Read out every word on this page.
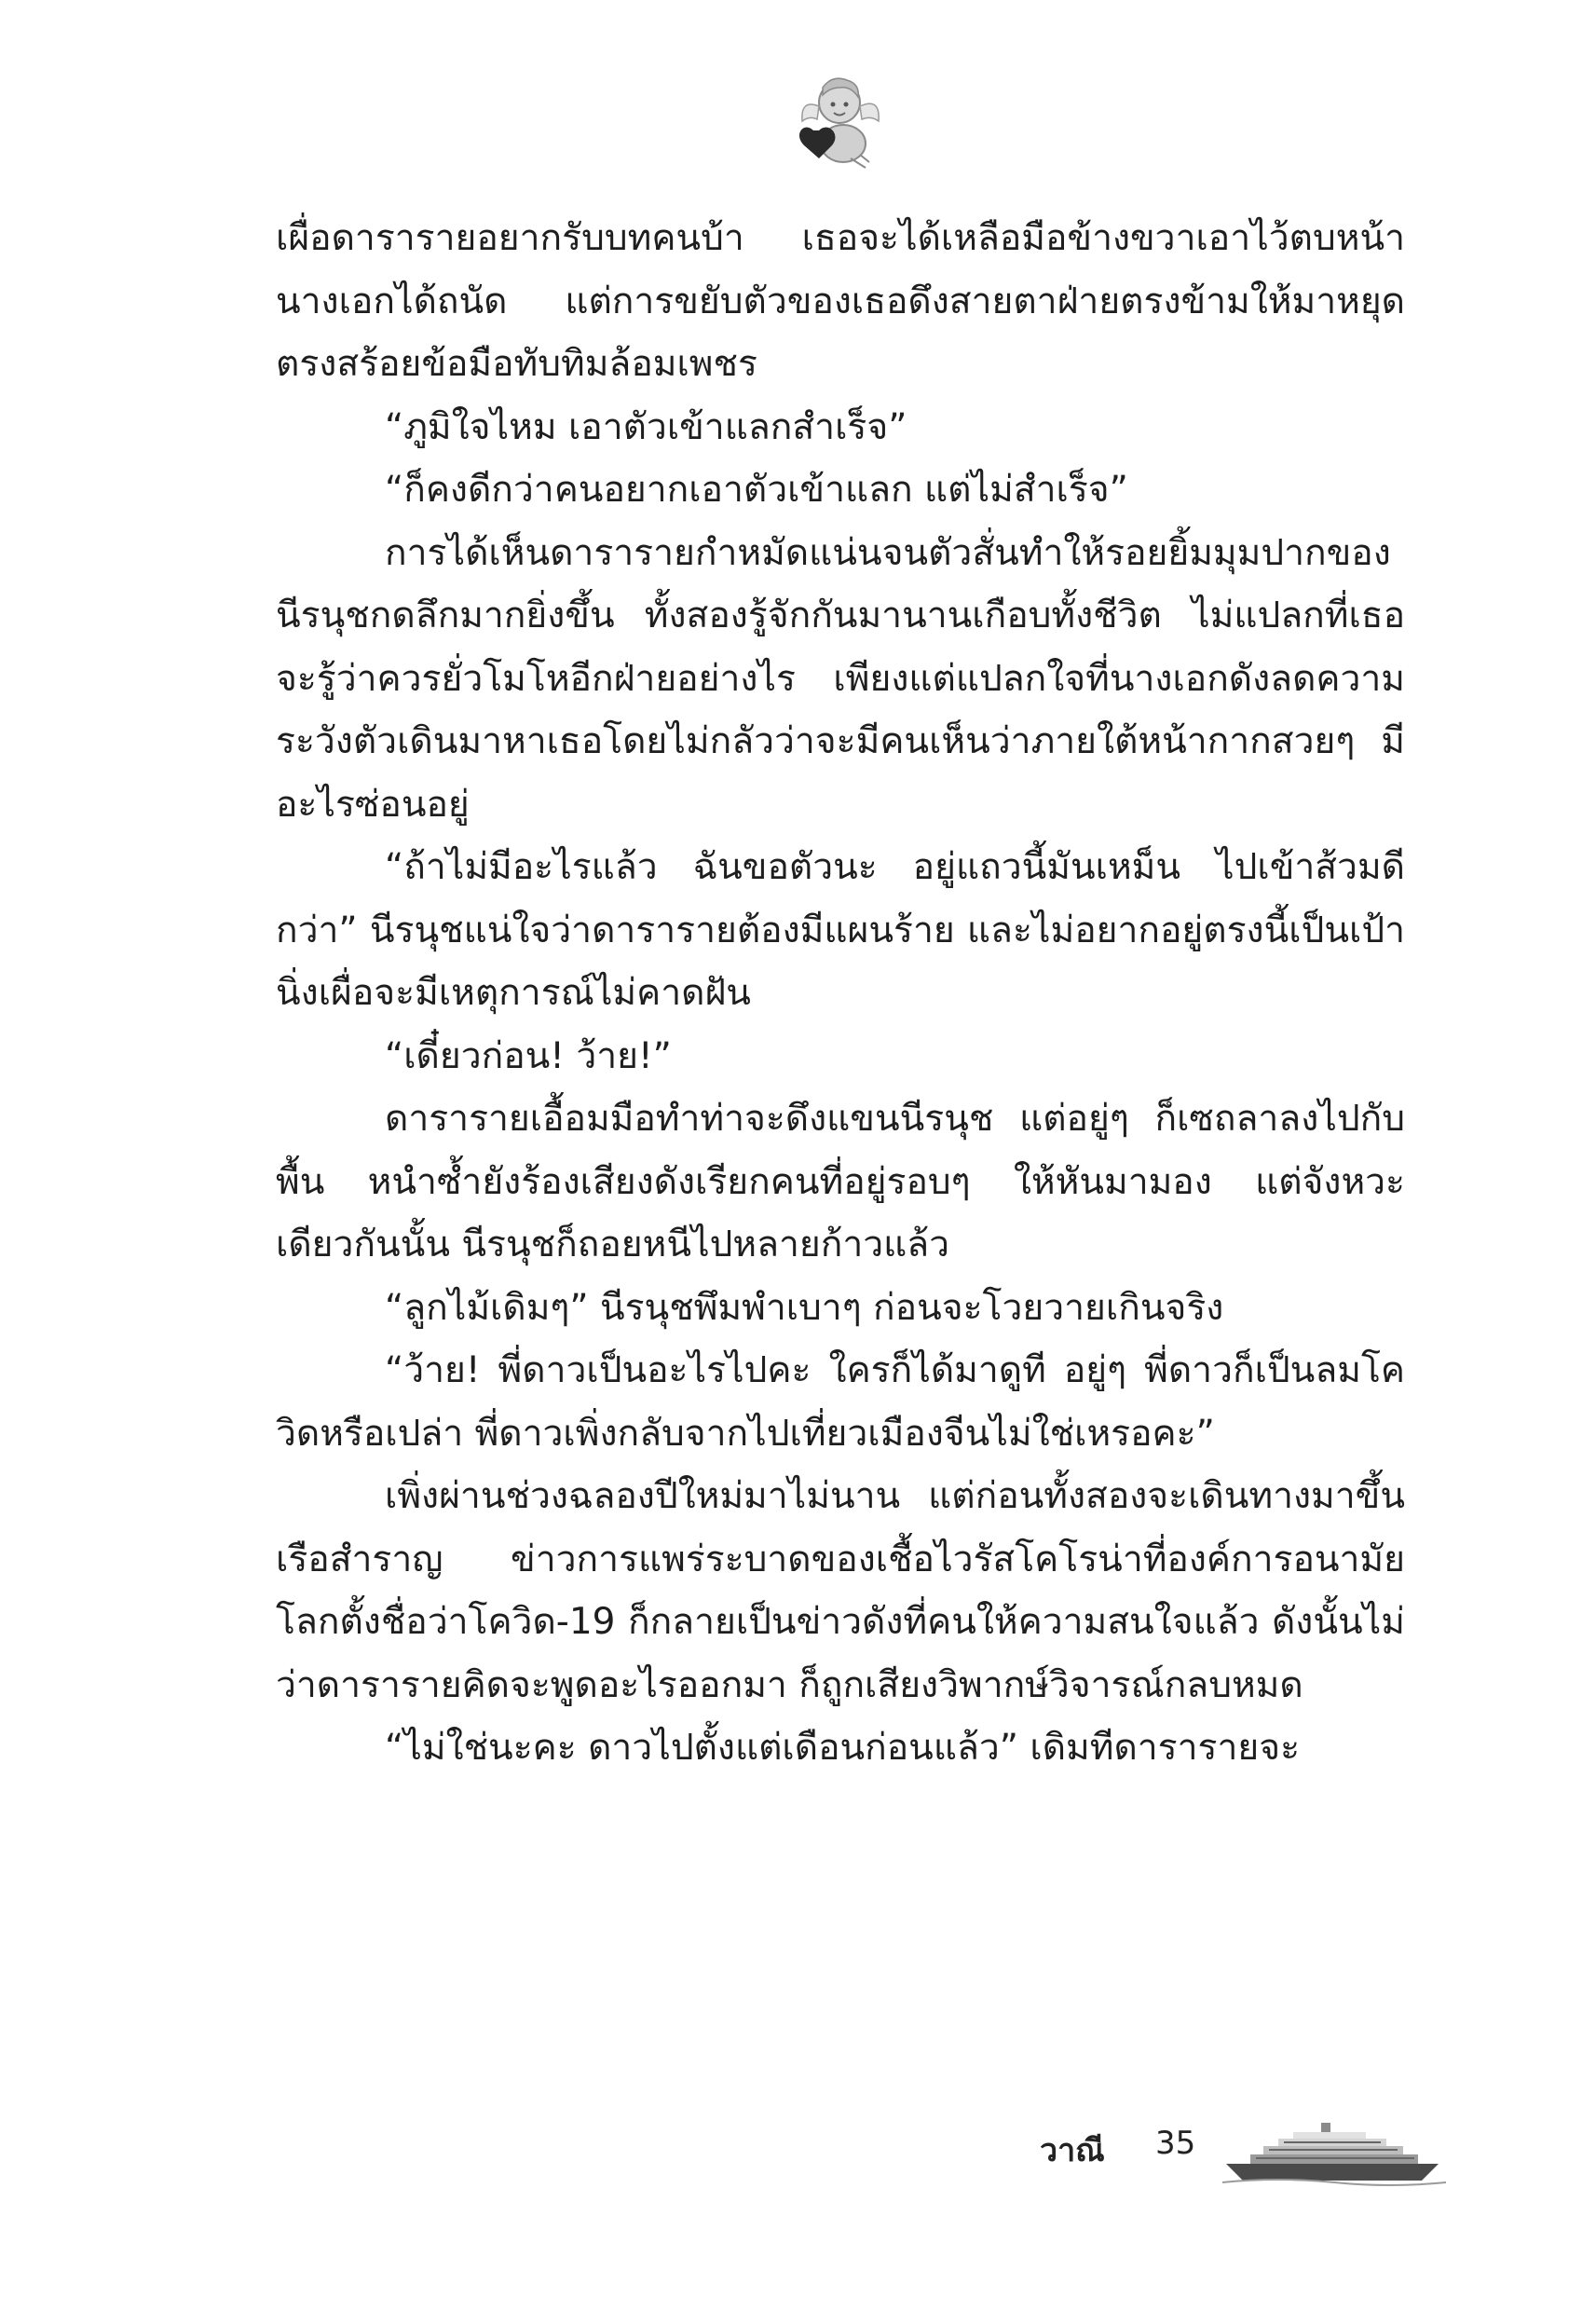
เผื่อดารารายอยากรับบทคนบ้า เธอจะได้เหลือมือข้างขวาเอาไว้ตบหน้านางเอกได้ถนัด แต่การขยับตัวของเธอดึงสายตาฝ่ายตรงข้ามให้มาหยุดตรงสร้อยข้อมือทับทิมล้อมเพชร

“ภูมิใจไหม เอาตัวเข้าแลกสำเร็จ”

“ก็คงดีกว่าคนอยากเอาตัวเข้าแลก แต่ไม่สำเร็จ”

การได้เห็นดารารายกำหมัดแน่นจนตัวสั่นทำให้รอยยิ้มมุมปากของนีรนุชกดลึกมากยิ่งขึ้น ทั้งสองรู้จักกันมานานเกือบทั้งชีวิต ไม่แปลกที่เธอจะรู้ว่าควรยั่วโมโหอีกฝ่ายอย่างไร เพียงแต่แปลกใจที่นางเอกดังลดความระวังตัวเดินมาหาเธอโดยไม่กลัวว่าจะมีคนเห็นว่าภายใต้หน้ากากสวยๆ มีอะไรซ่อนอยู่

“ถ้าไม่มีอะไรแล้ว ฉันขอตัวนะ อยู่แถวนี้มันเหม็น ไปเข้าส้วมดีกว่า” นีรนุชแน่ใจว่าดารารายต้องมีแผนร้าย และไม่อยากอยู่ตรงนี้เป็นเป้านิ่งเผื่อจะมีเหตุการณ์ไม่คาดฝัน

“เดี๋ยวก่อน! ว้าย!”

ดารารายเอื้อมมือทำท่าจะดึงแขนนีรนุช แต่อยู่ๆ ก็เซถลาลงไปกับพื้น หนำซ้ำยังร้องเสียงดังเรียกคนที่อยู่รอบๆ ให้หันมามอง แต่จังหวะเดียวกันนั้น นีรนุชก็ถอยหนีไปหลายก้าวแล้ว

“ลูกไม้เดิมๆ” นีรนุชพึมพำเบาๆ ก่อนจะโวยวายเกินจริง

“ว้าย! พี่ดาวเป็นอะไรไปคะ ใครก็ได้มาดูที อยู่ๆ พี่ดาวก็เป็นลมโควิดหรือเปล่า พี่ดาวเพิ่งกลับจากไปเที่ยวเมืองจีนไม่ใช่เหรอคะ”

เพิ่งผ่านช่วงฉลองปีใหม่มาไม่นาน แต่ก่อนทั้งสองจะเดินทางมาขึ้นเรือสำราญ ข่าวการแพร่ระบาดของเชื้อไวรัสโคโรน่าที่องค์การอนามัยโลกตั้งชื่อว่าโควิด-19 ก็กลายเป็นข่าวดังที่คนให้ความสนใจแล้ว ดังนั้นไม่ว่าดารารายคิดจะพูดอะไรออกมา ก็ถูกเสียงวิพากษ์วิจารณ์กลบหมด

“ไม่ใช่นะคะ ดาวไปตั้งแต่เดือนก่อนแล้ว” เดิมทีดารารายจะ

วาณี 35
